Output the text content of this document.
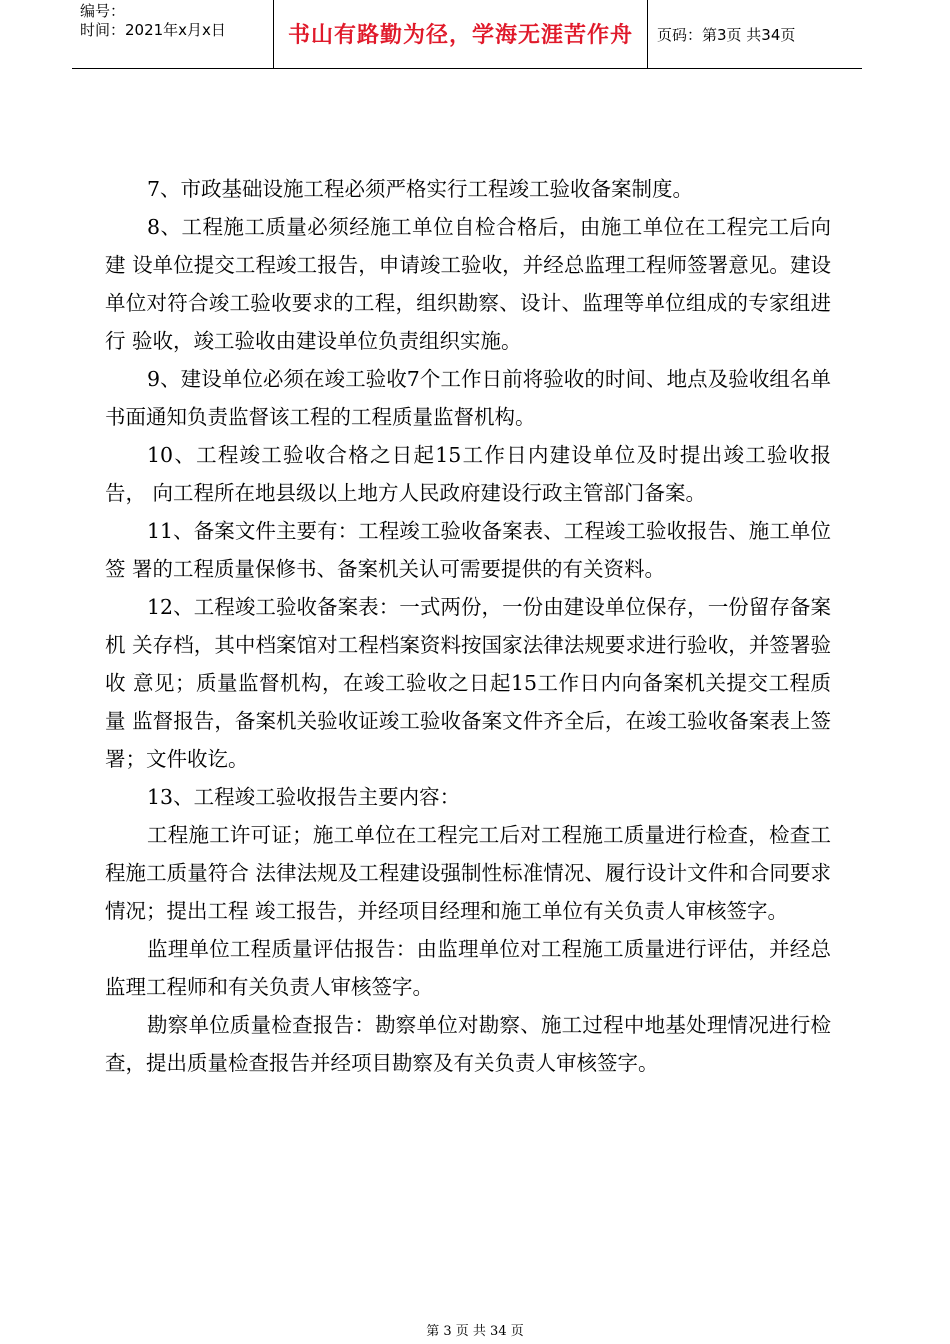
编号：
时间：2021年x月x日	书山有路勤为径，学海无涯苦作舟	页码：第3页 共34页

7、市政基础设施工程必须严格实行工程竣工验收备案制度。

8、工程施工质量必须经施工单位自检合格后，由施工单位在工程完工后向建 设单位提交工程竣工报告，申请竣工验收，并经总监理工程师签署意见。建设单位对符合竣工验收要求的工程，组织勘察、设计、监理等单位组成的专家组进行 验收，竣工验收由建设单位负责组织实施。

9、建设单位必须在竣工验收7个工作日前将验收的时间、地点及验收组名单 书面通知负责监督该工程的工程质量监督机构。

10、工程竣工验收合格之日起15工作日内建设单位及时提出竣工验收报告， 向工程所在地县级以上地方人民政府建设行政主管部门备案。

11、备案文件主要有：工程竣工验收备案表、工程竣工验收报告、施工单位签 署的工程质量保修书、备案机关认可需要提供的有关资料。

12、工程竣工验收备案表：一式两份，一份由建设单位保存，一份留存备案机 关存档，其中档案馆对工程档案资料按国家法律法规要求进行验收，并签署验收 意见；质量监督机构，在竣工验收之日起15工作日内向备案机关提交工程质量 监督报告，备案机关验收证竣工验收备案文件齐全后，在竣工验收备案表上签署；文件收讫。

13、工程竣工验收报告主要内容：

工程施工许可证；施工单位在工程完工后对工程施工质量进行检查，检查工程施工质量符合 法律法规及工程建设强制性标准情况、履行设计文件和合同要求情况；提出工程 竣工报告，并经项目经理和施工单位有关负责人审核签字。

监理单位工程质量评估报告：由监理单位对工程施工质量进行评估，并经总监理工程师和有关负责人审核签字。

勘察单位质量检查报告：勘察单位对勘察、施工过程中地基处理情况进行检查，提出质量检查报告并经项目勘察及有关负责人审核签字。

第 3 页 共 34 页
